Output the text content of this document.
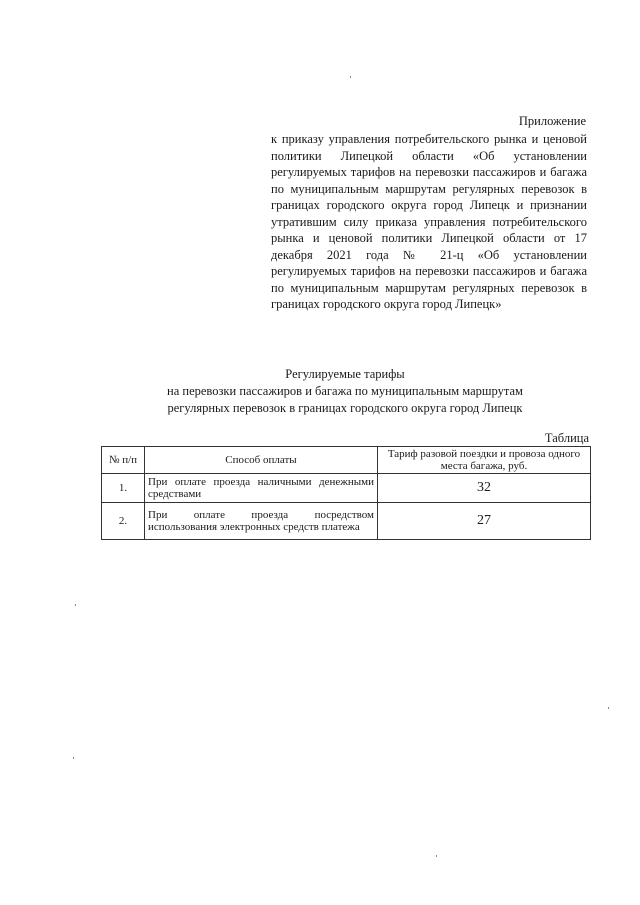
Приложение
к приказу управления потребительского рынка и ценовой политики Липецкой области «Об установлении регулируемых тарифов на перевозки пассажиров и багажа по муниципальным маршрутам регулярных перевозок в границах городского округа город Липецк и признании утратившим силу приказа управления потребительского рынка и ценовой политики Липецкой области от 17 декабря 2021 года № 21-ц «Об установлении регулируемых тарифов на перевозки пассажиров и багажа по муниципальным маршрутам регулярных перевозок в границах городского округа город Липецк»
Регулируемые тарифы
на перевозки пассажиров и багажа по муниципальным маршрутам
регулярных перевозок в границах городского округа город Липецк
Таблица
№ п/п	Способ оплаты	Тариф разовой поездки и провоза одного места багажа, руб.
1.	При оплате проезда наличными денежными средствами	32
2.	При оплате проезда посредством использования электронных средств платежа	27
